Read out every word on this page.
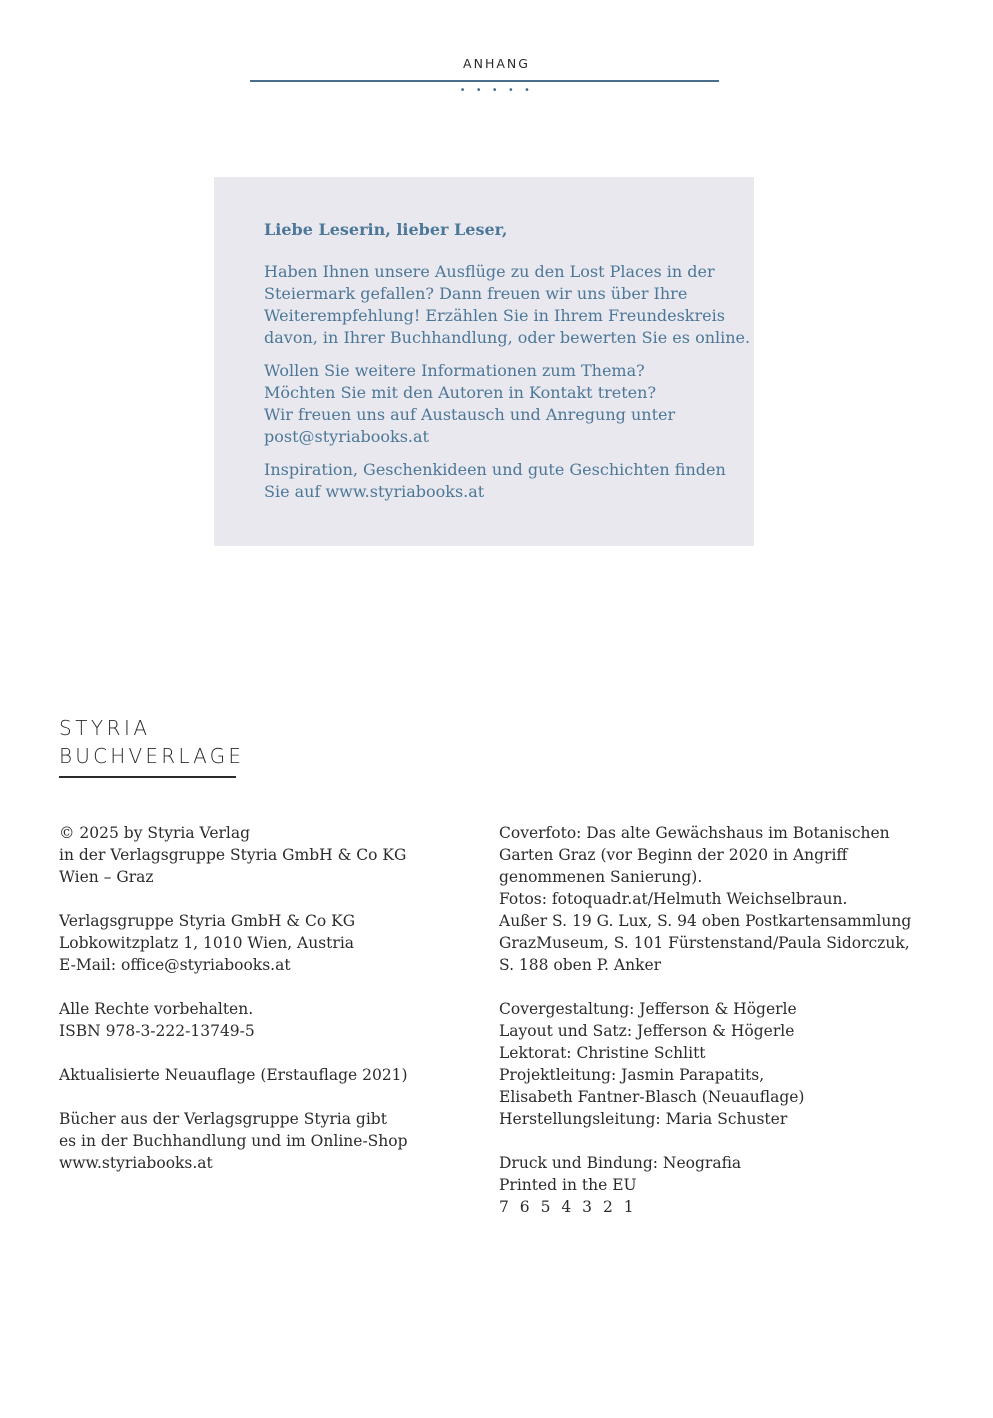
ANHANG
• • • • •
Liebe Leserin, lieber Leser,

Haben Ihnen unsere Ausflüge zu den Lost Places in der
Steiermark gefallen? Dann freuen wir uns über Ihre
Weiterempfehlung! Erzählen Sie in Ihrem Freundeskreis
davon, in Ihrer Buchhandlung, oder bewerten Sie es online.

Wollen Sie weitere Informationen zum Thema?
Möchten Sie mit den Autoren in Kontakt treten?
Wir freuen uns auf Austausch und Anregung unter
post@styriabooks.at

Inspiration, Geschenkideen und gute Geschichten finden
Sie auf www.styriabooks.at

STYRIA
BUCHVERLAGE
© 2025 by Styria Verlag
in der Verlagsgruppe Styria GmbH & Co KG
Wien – Graz
Verlagsgruppe Styria GmbH & Co KG
Lobkowitzplatz 1, 1010 Wien, Austria
E-Mail: office@styriabooks.at
Alle Rechte vorbehalten.
ISBN 978-3-222-13749-5
Aktualisierte Neuauflage (Erstauflage 2021)
Bücher aus der Verlagsgruppe Styria gibt
es in der Buchhandlung und im Online-Shop
www.styriabooks.at
Coverfoto: Das alte Gewächshaus im Botanischen
Garten Graz (vor Beginn der 2020 in Angriff
genommenen Sanierung).
Fotos: fotoquadr.at/Helmuth Weichselbraun.
Außer S. 19 G. Lux, S. 94 oben Postkartensammlung
GrazMuseum, S. 101 Fürstenstand/Paula Sidorczuk,
S. 188 oben P. Anker
Covergestaltung: Jefferson & Högerle
Layout und Satz: Jefferson & Högerle
Lektorat: Christine Schlitt
Projektleitung: Jasmin Parapatits,
Elisabeth Fantner-Blasch (Neuauflage)
Herstellungsleitung: Maria Schuster
Druck und Bindung: Neografia
Printed in the EU
7 6 5 4 3 2 1
